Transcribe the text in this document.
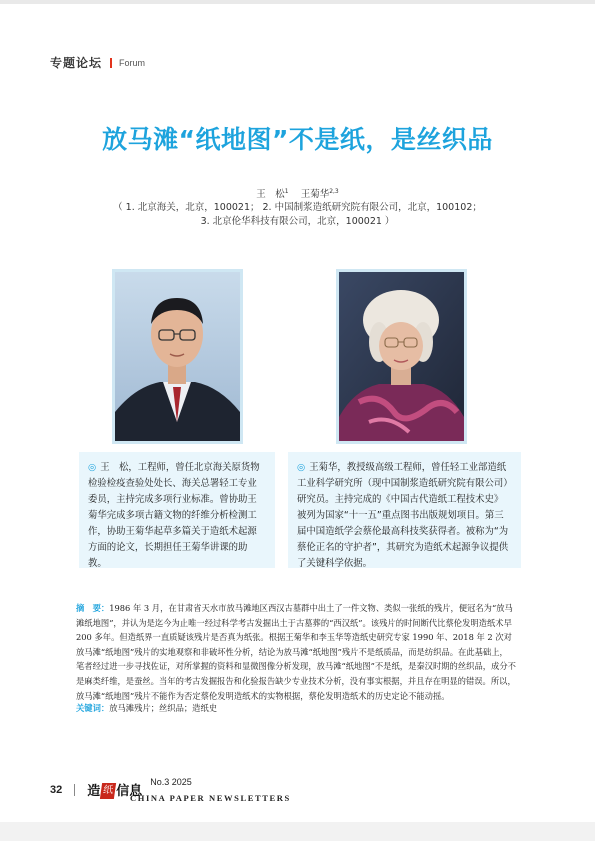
专题论坛 Forum
放马滩“纸地图”不是纸，是丝织品
王　松$^1$ 王菊华$^{2,3}$
（ 1. 北京海关，北京，100021； 2. 中国制浆造纸研究院有限公司，北京，100102；
3. 北京伦华科技有限公司，北京，100021 ）
◎ 王　松，工程师，曾任北京海关原货物检验检疫查验处处长、海关总署轻工专业委员，主持完成多项行业标准。曾协助王菊华完成多项古籍文物的纤维分析检测工作，协助王菊华起草多篇关于造纸术起源方面的论文，长期担任王菊华讲课的助教。
◎ 王菊华，教授级高级工程师，曾任轻工业部造纸工业科学研究所（现中国制浆造纸研究院有限公司）研究员。主持完成的《中国古代造纸工程技术史》被列为国家“十一五”重点图书出版规划项目。第三届中国造纸学会蔡伦最高科技奖获得者。被称为“为蔡伦正名的守护者”，其研究为造纸术起源争议提供了关键科学依据。
摘　要：1986 年 3 月，在甘肃省天水市放马滩地区西汉古墓群中出土了一件文物、类似一张纸的残片，便冠名为“放马滩纸地图”，并认为是迄今为止唯一经过科学考古发掘出土于古墓葬的“西汉纸”。该残片的时间断代比蔡伦发明造纸术早 200 多年。但造纸界一直质疑该残片是否真为纸张。根据王菊华和李玉华等造纸史研究专家 1990 年、2018 年 2 次对放马滩“纸地图”残片的实地观察和非破坏性分析，结论为放马滩“纸地图”残片不是纸质品，而是纺织品。在此基础上，笔者经过进一步寻找佐证，对所掌握的资料和显微图像分析发现，放马滩“纸地图”不是纸，是秦汉时期的丝织品，成分不是麻类纤维，是蚕丝。当年的考古发掘报告和化验报告缺少专业技术分析，没有事实根据，并且存在明显的错误。所以，放马滩“纸地图”残片不能作为否定蔡伦发明造纸术的实物根据，蔡伦发明造纸术的历史定论不能动摇。
关键词：放马滩残片；丝织品；造纸史
32 造 纸 信息
No.3 2025
CHINA PAPER NEWSLETTERS
